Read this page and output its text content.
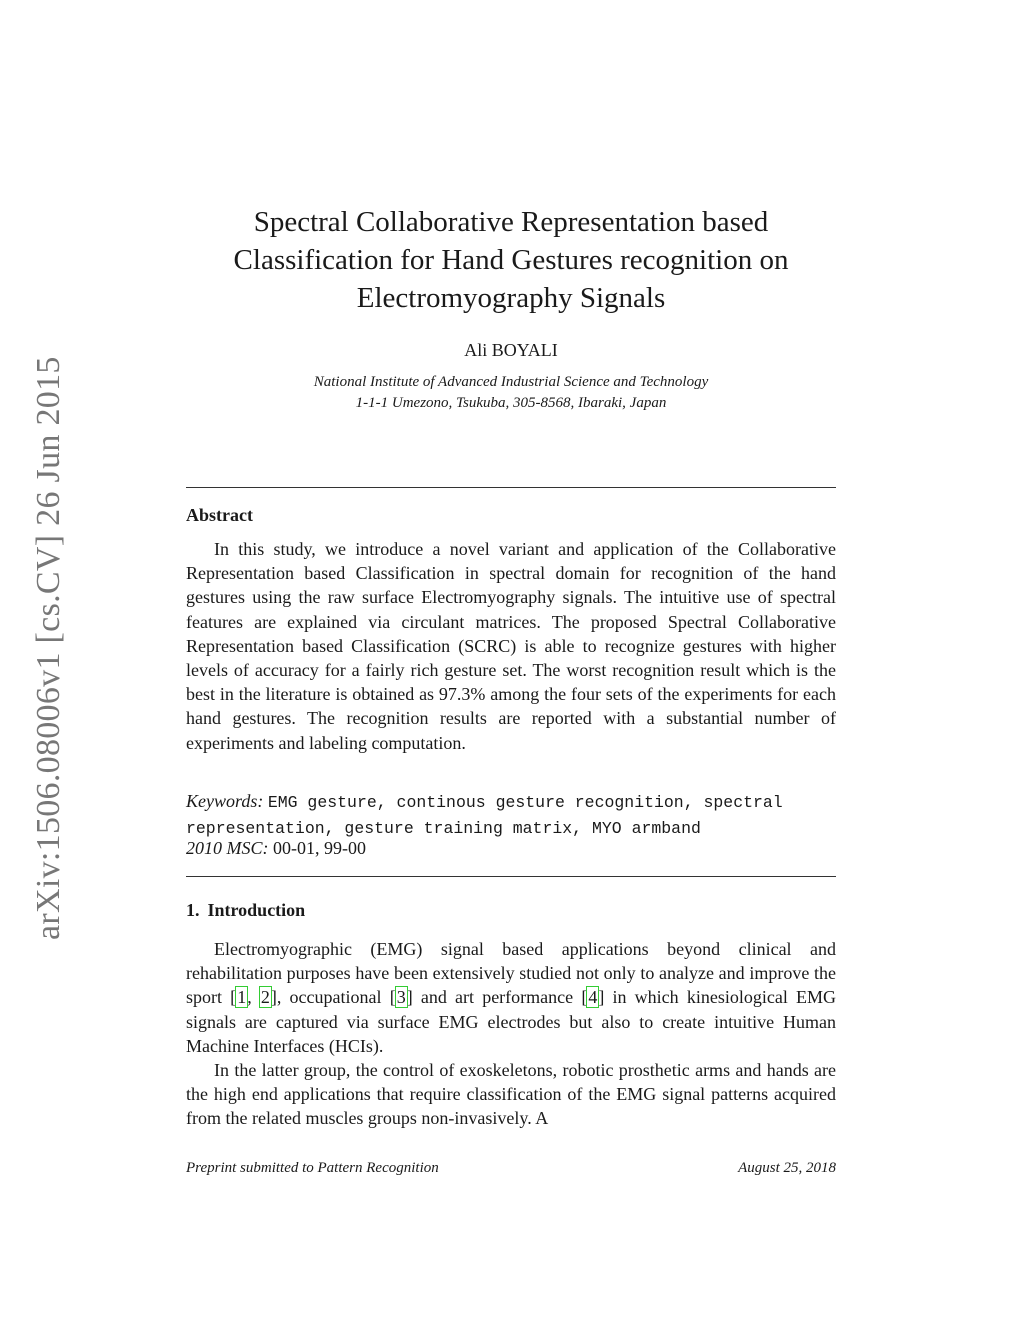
arXiv:1506.08006v1 [cs.CV] 26 Jun 2015
Spectral Collaborative Representation based
Classification for Hand Gestures recognition on
Electromyography Signals
Ali BOYALI
National Institute of Advanced Industrial Science and Technology
1-1-1 Umezono, Tsukuba, 305-8568, Ibaraki, Japan
Abstract

In this study, we introduce a novel variant and application of the Collaborative Representation based Classification in spectral domain for recognition of the hand gestures using the raw surface Electromyography signals. The intuitive use of spectral features are explained via circulant matrices. The proposed Spectral Collaborative Representation based Classification (SCRC) is able to recognize gestures with higher levels of accuracy for a fairly rich gesture set. The worst recognition result which is the best in the literature is obtained as 97.3% among the four sets of the experiments for each hand gestures. The recognition results are reported with a substantial number of experiments and labeling computation.

Keywords: EMG gesture, continous gesture recognition, spectral representation, gesture training matrix, MYO armband
2010 MSC: 00-01, 99-00
1. Introduction

Electromyographic (EMG) signal based applications beyond clinical and rehabilitation purposes have been extensively studied not only to analyze and improve the sport [1, 2], occupational [3] and art performance [4] in which kinesiological EMG signals are captured via surface EMG electrodes but also to create intuitive Human Machine Interfaces (HCIs).

In the latter group, the control of exoskeletons, robotic prosthetic arms and hands are the high end applications that require classification of the EMG signal patterns acquired from the related muscles groups non-invasively. A

Preprint submitted to Pattern Recognition	August 25, 2018
